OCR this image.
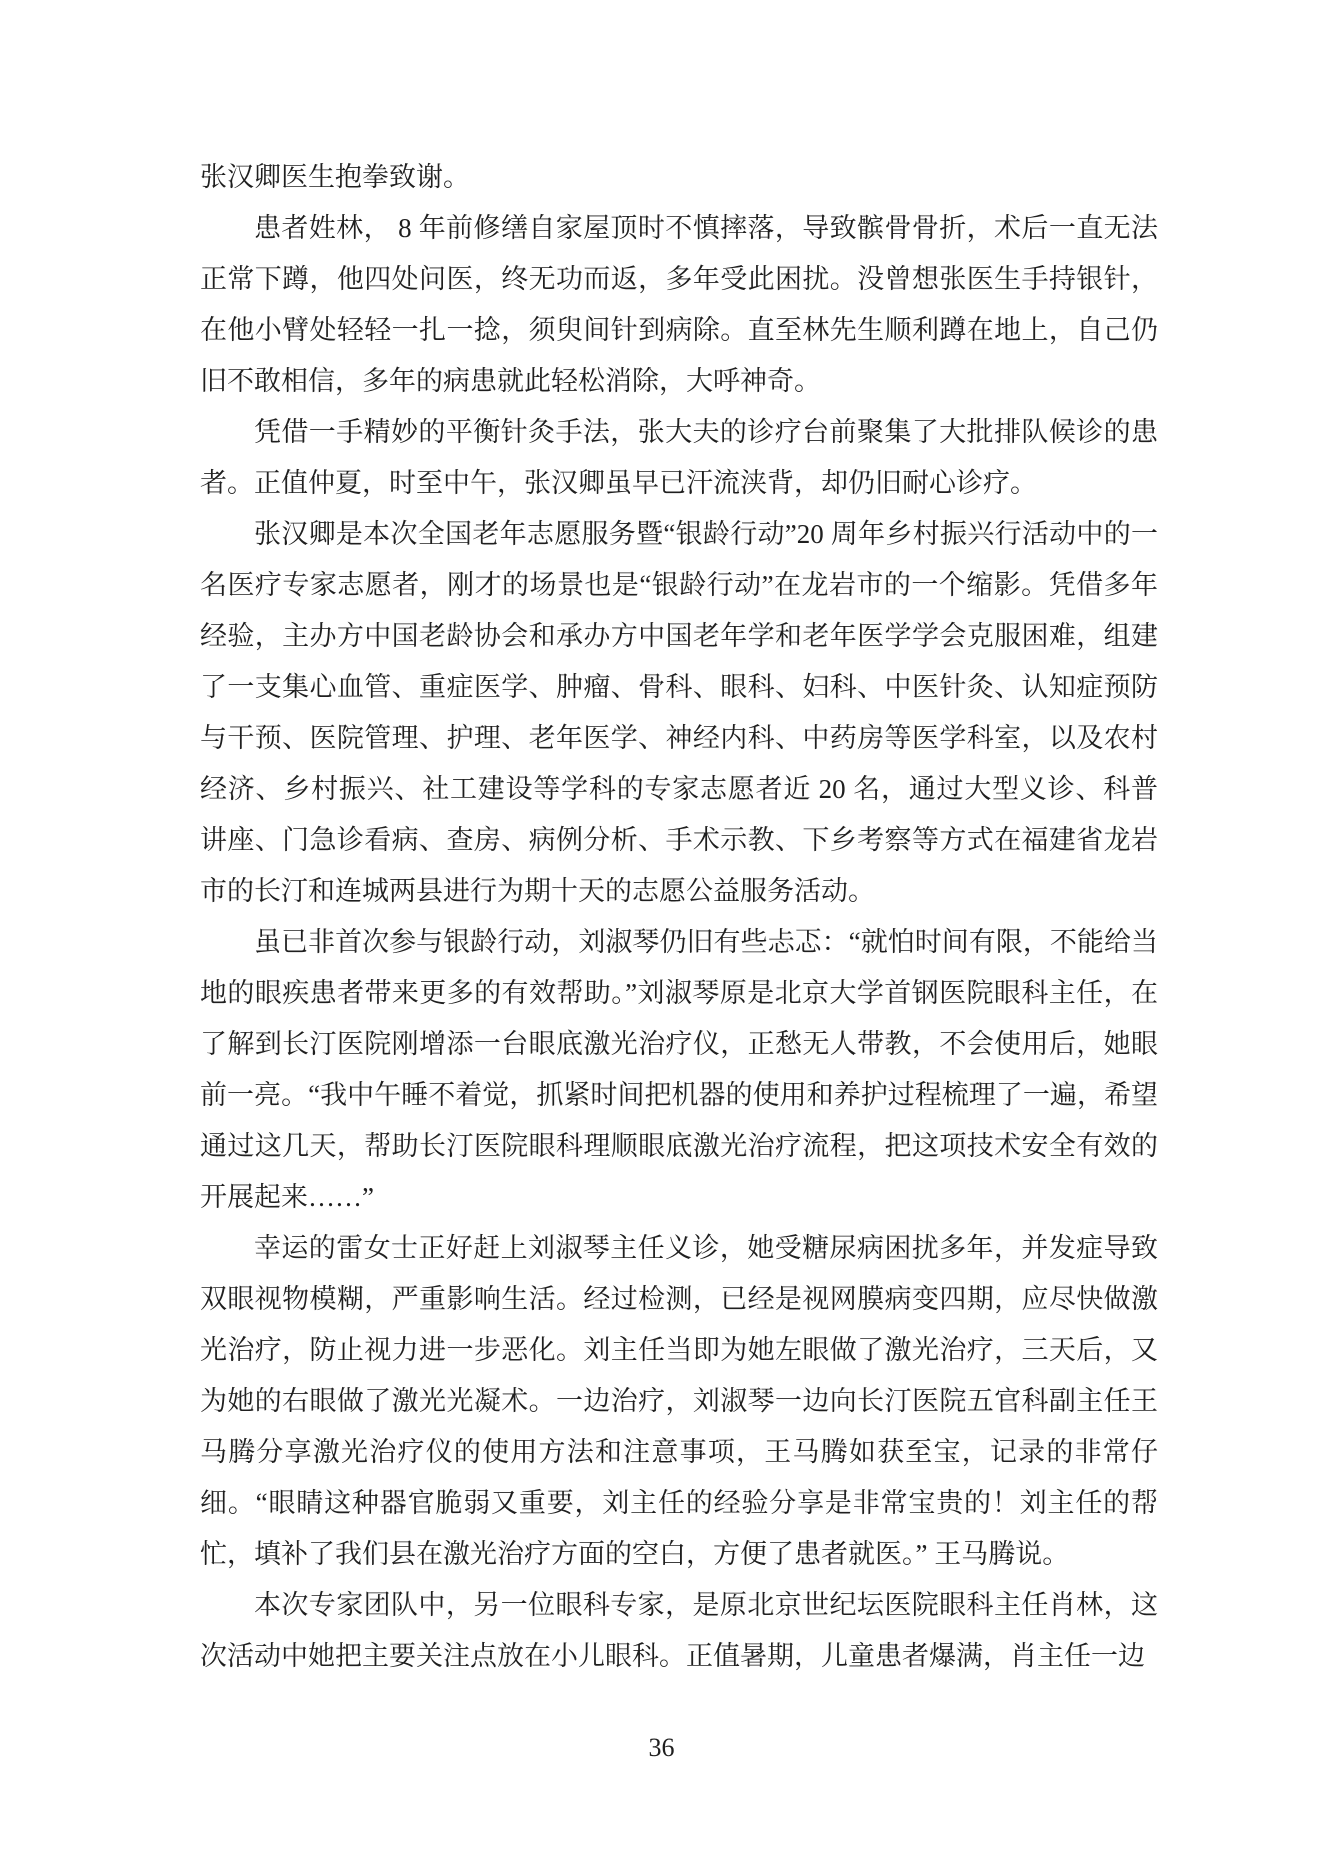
张汉卿医生抱拳致谢。

患者姓林， 8 年前修缮自家屋顶时不慎摔落，导致髌骨骨折，术后一直无法正常下蹲，他四处问医，终无功而返，多年受此困扰。没曾想张医生手持银针，在他小臂处轻轻一扎一捻，须臾间针到病除。直至林先生顺利蹲在地上，自己仍旧不敢相信，多年的病患就此轻松消除，大呼神奇。

凭借一手精妙的平衡针灸手法，张大夫的诊疗台前聚集了大批排队候诊的患者。正值仲夏，时至中午，张汉卿虽早已汗流浃背，却仍旧耐心诊疗。

张汉卿是本次全国老年志愿服务暨“银龄行动”20 周年乡村振兴行活动中的一名医疗专家志愿者，刚才的场景也是“银龄行动”在龙岩市的一个缩影。凭借多年经验，主办方中国老龄协会和承办方中国老年学和老年医学学会克服困难，组建了一支集心血管、重症医学、肿瘤、骨科、眼科、妇科、中医针灸、认知症预防与干预、医院管理、护理、老年医学、神经内科、中药房等医学科室，以及农村经济、乡村振兴、社工建设等学科的专家志愿者近 20 名，通过大型义诊、科普讲座、门急诊看病、查房、病例分析、手术示教、下乡考察等方式在福建省龙岩市的长汀和连城两县进行为期十天的志愿公益服务活动。

虽已非首次参与银龄行动，刘淑琴仍旧有些忐忑：“就怕时间有限，不能给当地的眼疾患者带来更多的有效帮助。”刘淑琴原是北京大学首钢医院眼科主任，在了解到长汀医院刚增添一台眼底激光治疗仪，正愁无人带教，不会使用后，她眼前一亮。“我中午睡不着觉，抓紧时间把机器的使用和养护过程梳理了一遍，希望通过这几天，帮助长汀医院眼科理顺眼底激光治疗流程，把这项技术安全有效的开展起来……”

幸运的雷女士正好赶上刘淑琴主任义诊，她受糖尿病困扰多年，并发症导致双眼视物模糊，严重影响生活。经过检测，已经是视网膜病变四期，应尽快做激光治疗，防止视力进一步恶化。刘主任当即为她左眼做了激光治疗，三天后，又为她的右眼做了激光光凝术。一边治疗，刘淑琴一边向长汀医院五官科副主任王马腾分享激光治疗仪的使用方法和注意事项，王马腾如获至宝，记录的非常仔细。“眼睛这种器官脆弱又重要，刘主任的经验分享是非常宝贵的！刘主任的帮忙，填补了我们县在激光治疗方面的空白，方便了患者就医。” 王马腾说。

本次专家团队中，另一位眼科专家，是原北京世纪坛医院眼科主任肖林，这次活动中她把主要关注点放在小儿眼科。正值暑期，儿童患者爆满，肖主任一边

36
